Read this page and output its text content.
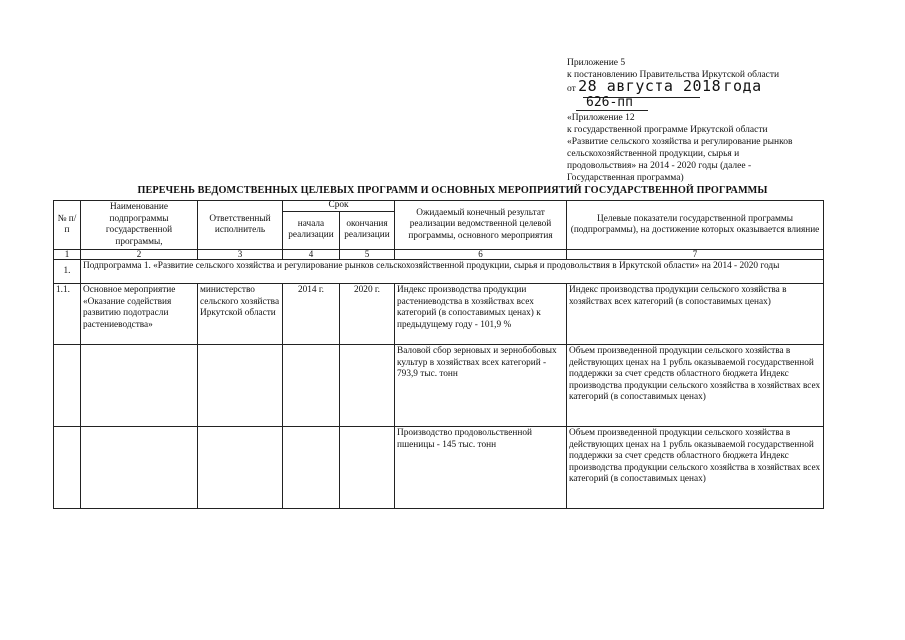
Приложение 5
к постановлению Правительства Иркутской области
от 28 августа 2018 года
626-пп
«Приложение 12
к государственной программе Иркутской области
«Развитие сельского хозяйства и регулирование рынков
сельскохозяйственной продукции, сырья и
продовольствия» на 2014 - 2020 годы (далее -
Государственная программа)
ПЕРЕЧЕНЬ ВЕДОМСТВЕННЫХ ЦЕЛЕВЫХ ПРОГРАММ И ОСНОВНЫХ МЕРОПРИЯТИЙ ГОСУДАРСТВЕННОЙ ПРОГРАММЫ
№ п/п	Наименование подпрограммы государственной программы,	Ответственный исполнитель	Срок		Ожидаемый конечный результат реализации ведомственной целевой программы, основного мероприятия	Целевые показатели государственной программы (подпрограммы), на достижение которых оказывается влияние
			начала реализации	окончания реализации		
1	2	3	4	5	6	7
1.	Подпрограмма 1. «Развитие сельского хозяйства и регулирование рынков сельскохозяйственной продукции, сырья и продовольствия в Иркутской области» на 2014 - 2020 годы					
1.1.	Основное мероприятие «Оказание содействия развитию подотрасли растениеводства»	министерство сельского хозяйства Иркутской области	2014 г.	2020 г.	Индекс производства продукции растениеводства в хозяйствах всех категорий (в сопоставимых ценах) к предыдущему году - 101,9 %	Индекс производства продукции сельского хозяйства в хозяйствах всех категорий (в сопоставимых ценах)
					Валовой сбор зерновых и зернобобовых культур в хозяйствах всех категорий - 793,9 тыс. тонн	Объем произведенной продукции сельского хозяйства в действующих ценах на 1 рубль оказываемой государственной поддержки за счет средств областного бюджета Индекс производства продукции сельского хозяйства в хозяйствах всех категорий (в сопоставимых ценах)
					Производство продовольственной пшеницы - 145 тыс. тонн	Объем произведенной продукции сельского хозяйства в действующих ценах на 1 рубль оказываемой государственной поддержки за счет средств областного бюджета Индекс производства продукции сельского хозяйства в хозяйствах всех категорий (в сопоставимых ценах)
